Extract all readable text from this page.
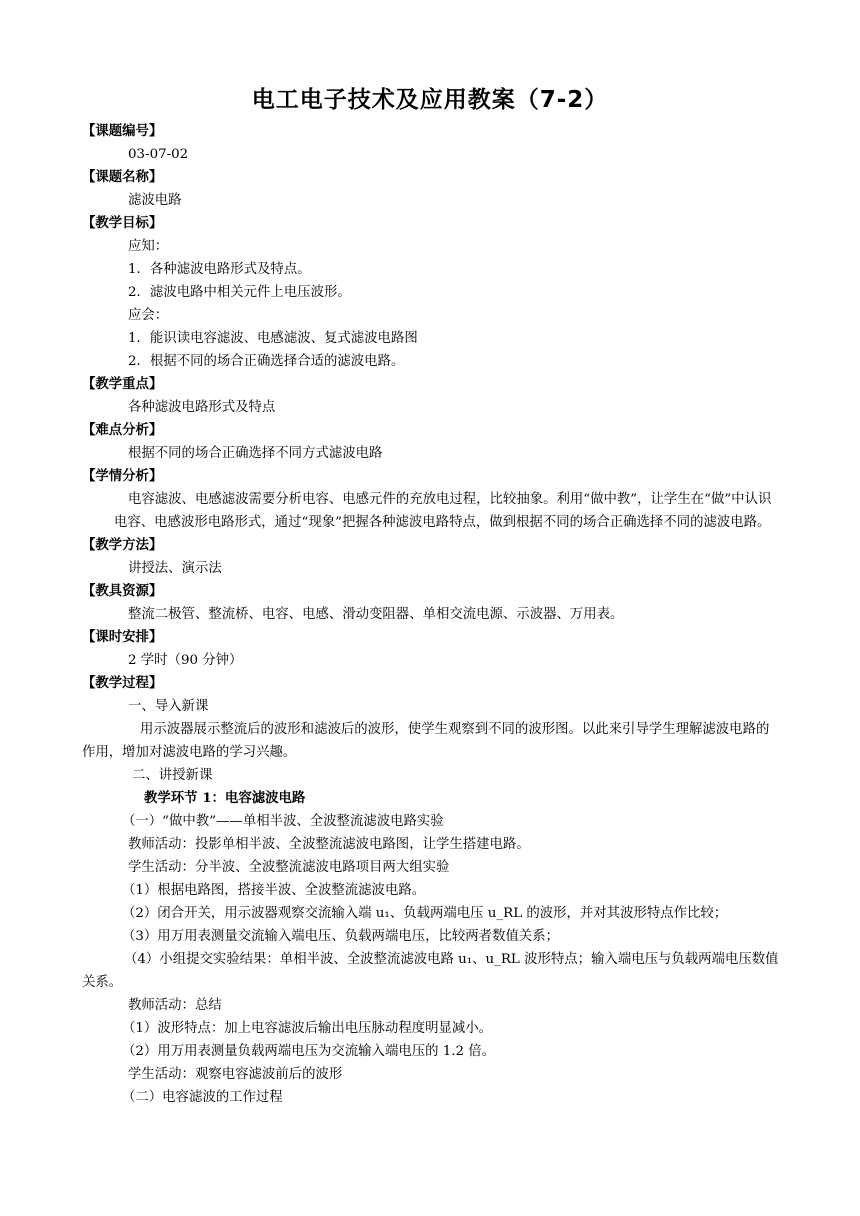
电工电子技术及应用教案（7-2）
【课题编号】
03-07-02
【课题名称】
滤波电路
【教学目标】
应知：
1．各种滤波电路形式及特点。
2．滤波电路中相关元件上电压波形。
应会：
1．能识读电容滤波、电感滤波、复式滤波电路图
2．根据不同的场合正确选择合适的滤波电路。
【教学重点】
各种滤波电路形式及特点
【难点分析】
根据不同的场合正确选择不同方式滤波电路
【学情分析】
电容滤波、电感滤波需要分析电容、电感元件的充放电过程，比较抽象。利用“做中教”，让学生在“做”中认识电容、电感波形电路形式，通过“现象”把握各种滤波电路特点，做到根据不同的场合正确选择不同的滤波电路。
【教学方法】
讲授法、演示法
【教具资源】
整流二极管、整流桥、电容、电感、滑动变阻器、单相交流电源、示波器、万用表。
【课时安排】
2 学时（90 分钟）
【教学过程】
一、导入新课
用示波器展示整流后的波形和滤波后的波形，使学生观察到不同的波形图。以此来引导学生理解滤波电路的作用，增加对滤波电路的学习兴趣。
二、讲授新课
教学环节 1：电容滤波电路
（一）“做中教”——单相半波、全波整流滤波电路实验
教师活动：投影单相半波、全波整流滤波电路图，让学生搭建电路。
学生活动：分半波、全波整流滤波电路项目两大组实验
（1）根据电路图，搭接半波、全波整流滤波电路。
（2）闭合开关，用示波器观察交流输入端 u₁、负载两端电压 u_RL 的波形，并对其波形特点作比较；
（3）用万用表测量交流输入端电压、负载两端电压，比较两者数值关系；
（4）小组提交实验结果：单相半波、全波整流滤波电路 u₁、u_RL 波形特点；输入端电压与负载两端电压数值关系。
教师活动：总结
（1）波形特点：加上电容滤波后输出电压脉动程度明显减小。
（2）用万用表测量负载两端电压为交流输入端电压的 1.2 倍。
学生活动：观察电容滤波前后的波形
（二）电容滤波的工作过程
